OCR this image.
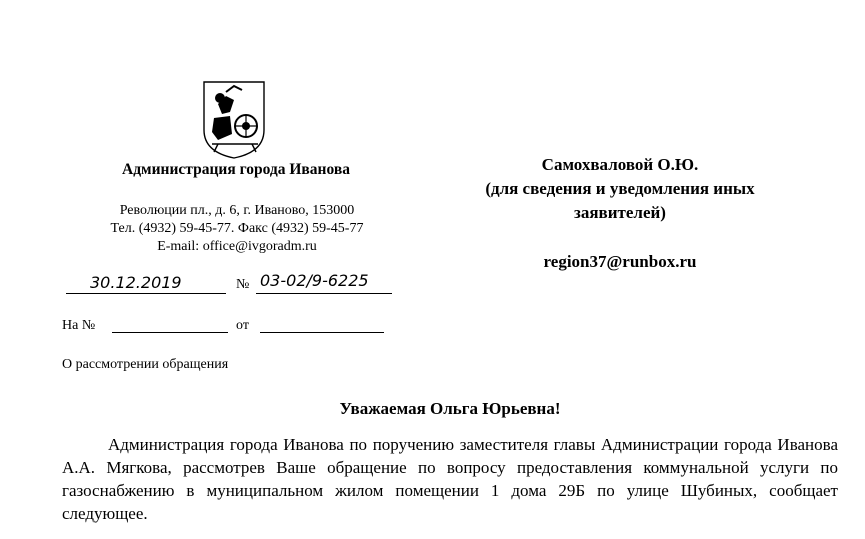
Администрация города Иванова
Революции пл., д. 6, г. Иваново, 153000
Тел. (4932) 59-45-77. Факс (4932) 59-45-77
E-mail: office@ivgoradm.ru
30.12.2019	№ 03-02/9-6225
На №	от
О рассмотрении обращения
Самохваловой О.Ю.
(для сведения и уведомления иных заявителей)
region37@runbox.ru
Уважаемая Ольга Юрьевна!
Администрация города Иванова по поручению заместителя главы Администрации города Иванова А.А. Мягкова, рассмотрев Ваше обращение по вопросу предоставления коммунальной услуги по газоснабжению в муниципальном жилом помещении 1 дома 29Б по улице Шубиных, сообщает следующее.
